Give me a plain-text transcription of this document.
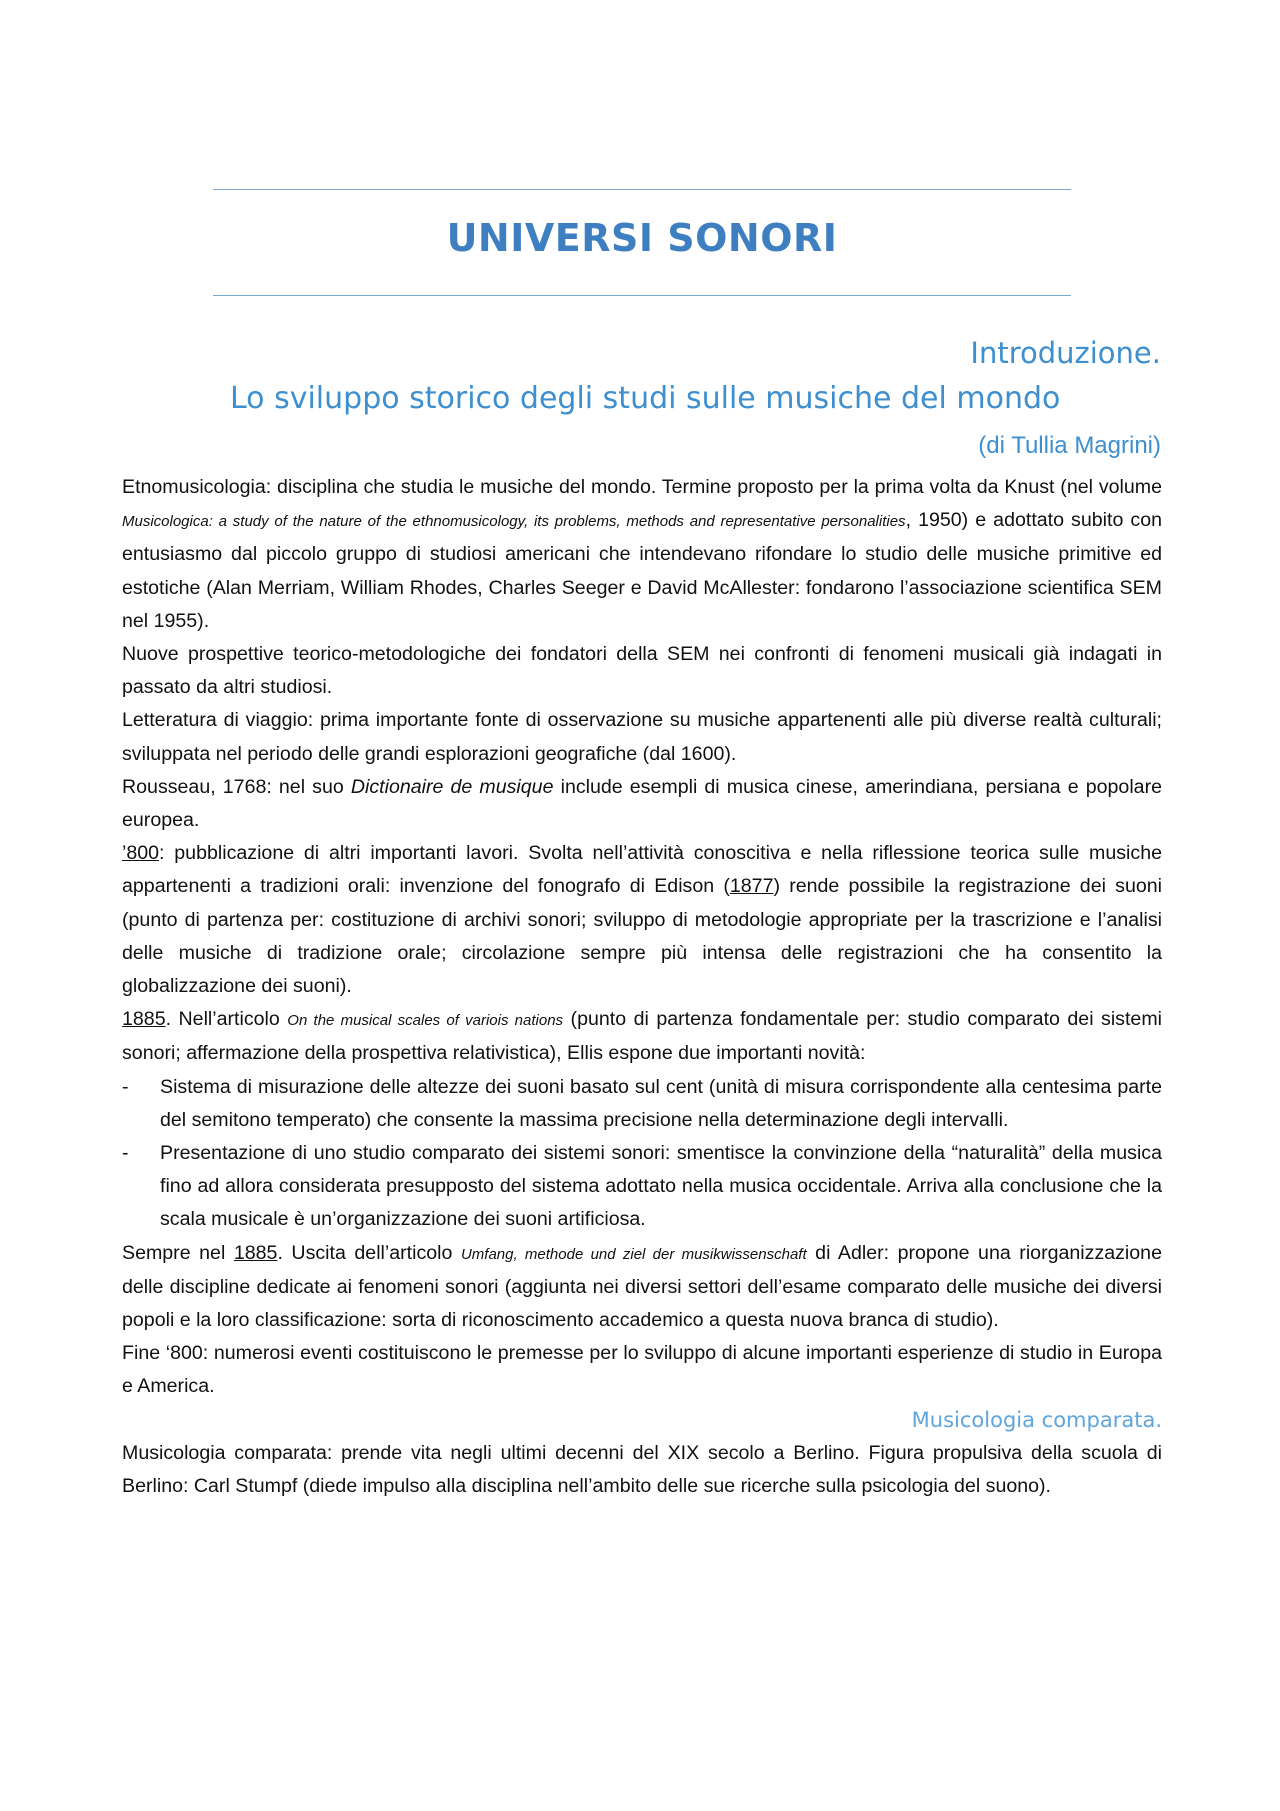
UNIVERSI SONORI
Introduzione.
Lo sviluppo storico degli studi sulle musiche del mondo
(di Tullia Magrini)

Etnomusicologia: disciplina che studia le musiche del mondo. Termine proposto per la prima volta da Knust (nel volume Musicologica: a study of the nature of the ethnomusicology, its problems, methods and representative personalities, 1950) e adottato subito con entusiasmo dal piccolo gruppo di studiosi americani che intendevano rifondare lo studio delle musiche primitive ed estotiche (Alan Merriam, William Rhodes, Charles Seeger e David McAllester: fondarono l’associazione scientifica SEM nel 1955).

Nuove prospettive teorico-metodologiche dei fondatori della SEM nei confronti di fenomeni musicali già indagati in passato da altri studiosi.

Letteratura di viaggio: prima importante fonte di osservazione su musiche appartenenti alle più diverse realtà culturali; sviluppata nel periodo delle grandi esplorazioni geografiche (dal 1600).

Rousseau, 1768: nel suo Dictionaire de musique include esempli di musica cinese, amerindiana, persiana e popolare europea.

’800: pubblicazione di altri importanti lavori. Svolta nell’attività conoscitiva e nella riflessione teorica sulle musiche appartenenti a tradizioni orali: invenzione del fonografo di Edison (1877) rende possibile la registrazione dei suoni (punto di partenza per: costituzione di archivi sonori; sviluppo di metodologie appropriate per la trascrizione e l’analisi delle musiche di tradizione orale; circolazione sempre più intensa delle registrazioni che ha consentito la globalizzazione dei suoni).

1885. Nell’articolo On the musical scales of variois nations (punto di partenza fondamentale per: studio comparato dei sistemi sonori; affermazione della prospettiva relativistica), Ellis espone due importanti novità:

- Sistema di misurazione delle altezze dei suoni basato sul cent (unità di misura corrispondente alla centesima parte del semitono temperato) che consente la massima precisione nella determinazione degli intervalli.
- Presentazione di uno studio comparato dei sistemi sonori: smentisce la convinzione della “naturalità” della musica fino ad allora considerata presupposto del sistema adottato nella musica occidentale. Arriva alla conclusione che la scala musicale è un’organizzazione dei suoni artificiosa.

Sempre nel 1885. Uscita dell’articolo Umfang, methode und ziel der musikwissenschaft di Adler: propone una riorganizzazione delle discipline dedicate ai fenomeni sonori (aggiunta nei diversi settori dell’esame comparato delle musiche dei diversi popoli e la loro classificazione: sorta di riconoscimento accademico a questa nuova branca di studio).

Fine ‘800: numerosi eventi costituiscono le premesse per lo sviluppo di alcune importanti esperienze di studio in Europa e America.

Musicologia comparata.

Musicologia comparata: prende vita negli ultimi decenni del XIX secolo a Berlino. Figura propulsiva della scuola di Berlino: Carl Stumpf (diede impulso alla disciplina nell’ambito delle sue ricerche sulla psicologia del suono).
